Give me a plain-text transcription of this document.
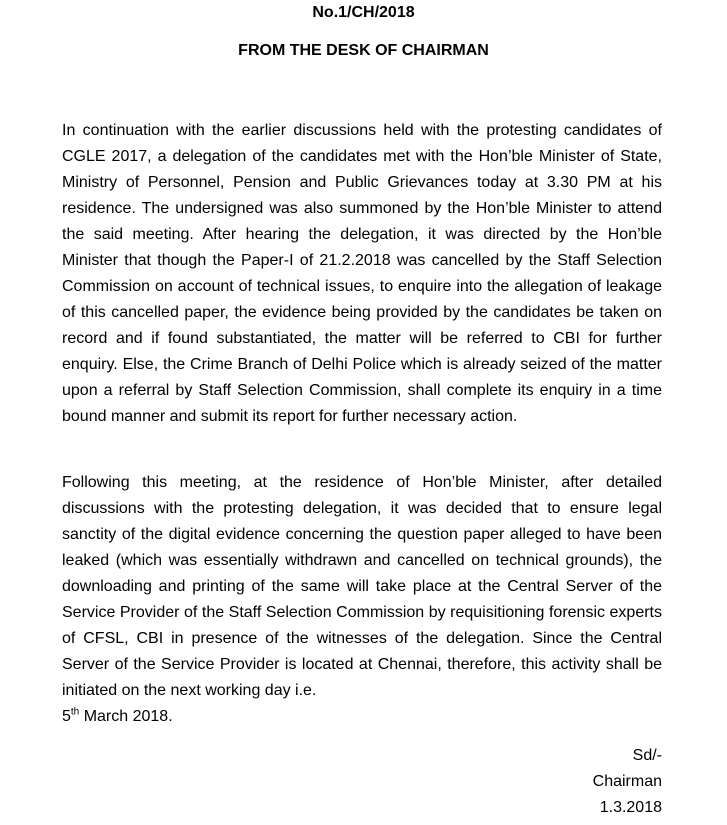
No.1/CH/2018
FROM THE DESK OF CHAIRMAN

In continuation with the earlier discussions held with the protesting candidates of CGLE 2017, a delegation of the candidates met with the Hon’ble Minister of State, Ministry of Personnel, Pension and Public Grievances today at 3.30 PM at his residence. The undersigned was also summoned by the Hon’ble Minister to attend the said meeting. After hearing the delegation, it was directed by the Hon’ble Minister that though the Paper-I of 21.2.2018 was cancelled by the Staff Selection Commission on account of technical issues, to enquire into the allegation of leakage of this cancelled paper, the evidence being provided by the candidates be taken on record and if found substantiated, the matter will be referred to CBI for further enquiry. Else, the Crime Branch of Delhi Police which is already seized of the matter upon a referral by Staff Selection Commission, shall complete its enquiry in a time bound manner and submit its report for further necessary action.

Following this meeting, at the residence of Hon’ble Minister, after detailed discussions with the protesting delegation, it was decided that to ensure legal sanctity of the digital evidence concerning the question paper alleged to have been leaked (which was essentially withdrawn and cancelled on technical grounds), the downloading and printing of the same will take place at the Central Server of the Service Provider of the Staff Selection Commission by requisitioning forensic experts of CFSL, CBI in presence of the witnesses of the delegation. Since the Central Server of the Service Provider is located at Chennai, therefore, this activity shall be initiated on the next working day i.e.
5th March 2018.

Sd/-
Chairman
1.3.2018
